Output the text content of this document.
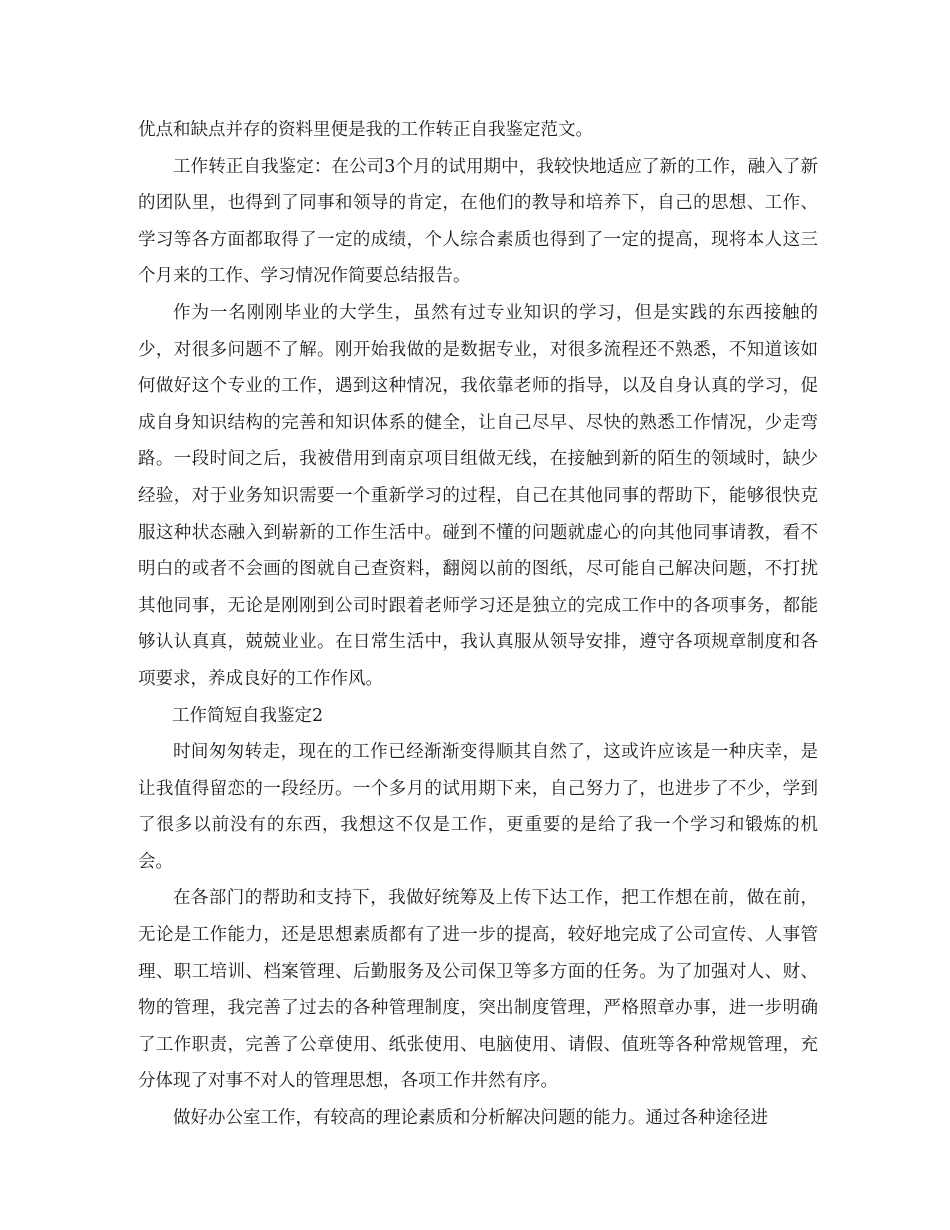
优点和缺点并存的资料里便是我的工作转正自我鉴定范文。

工作转正自我鉴定：在公司3个月的试用期中，我较快地适应了新的工作，融入了新的团队里，也得到了同事和领导的肯定，在他们的教导和培养下，自己的思想、工作、学习等各方面都取得了一定的成绩，个人综合素质也得到了一定的提高，现将本人这三个月来的工作、学习情况作简要总结报告。

作为一名刚刚毕业的大学生，虽然有过专业知识的学习，但是实践的东西接触的少，对很多问题不了解。刚开始我做的是数据专业，对很多流程还不熟悉，不知道该如何做好这个专业的工作，遇到这种情况，我依靠老师的指导，以及自身认真的学习，促成自身知识结构的完善和知识体系的健全，让自己尽早、尽快的熟悉工作情况，少走弯路。一段时间之后，我被借用到南京项目组做无线，在接触到新的陌生的领域时，缺少经验，对于业务知识需要一个重新学习的过程，自己在其他同事的帮助下，能够很快克服这种状态融入到崭新的工作生活中。碰到不懂的问题就虚心的向其他同事请教，看不明白的或者不会画的图就自己查资料，翻阅以前的图纸，尽可能自己解决问题，不打扰其他同事，无论是刚刚到公司时跟着老师学习还是独立的完成工作中的各项事务，都能够认认真真，兢兢业业。在日常生活中，我认真服从领导安排，遵守各项规章制度和各项要求，养成良好的工作作风。

工作简短自我鉴定2

时间匆匆转走，现在的工作已经渐渐变得顺其自然了，这或许应该是一种庆幸，是让我值得留恋的一段经历。一个多月的试用期下来，自己努力了，也进步了不少，学到了很多以前没有的东西，我想这不仅是工作，更重要的是给了我一个学习和锻炼的机会。

在各部门的帮助和支持下，我做好统筹及上传下达工作，把工作想在前，做在前，无论是工作能力，还是思想素质都有了进一步的提高，较好地完成了公司宣传、人事管理、职工培训、档案管理、后勤服务及公司保卫等多方面的任务。为了加强对人、财、物的管理，我完善了过去的各种管理制度，突出制度管理，严格照章办事，进一步明确了工作职责，完善了公章使用、纸张使用、电脑使用、请假、值班等各种常规管理，充分体现了对事不对人的管理思想，各项工作井然有序。

做好办公室工作，有较高的理论素质和分析解决问题的能力。通过各种途径进
